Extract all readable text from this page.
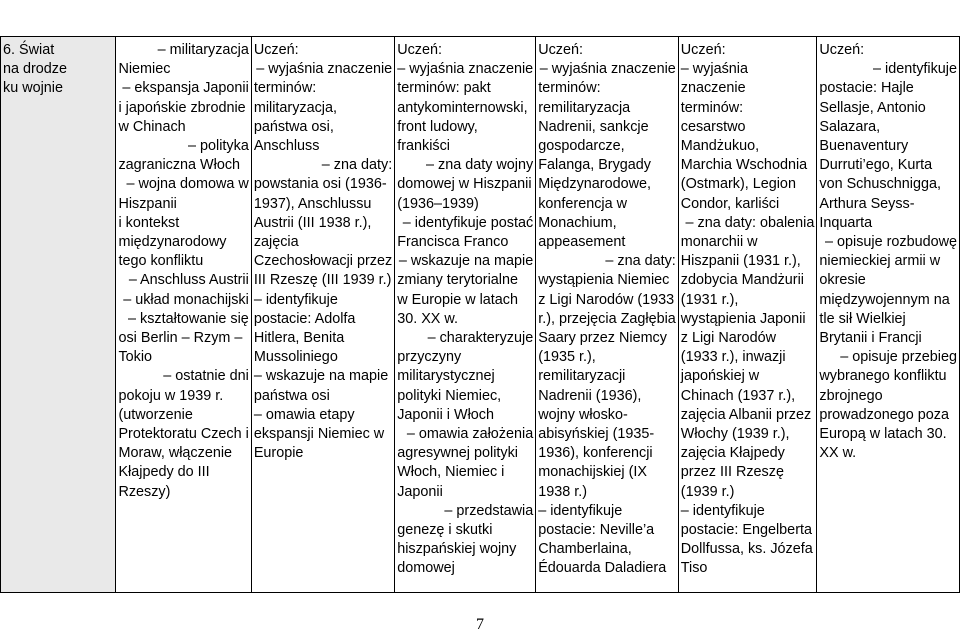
6. Świat
na drodze
ku wojnie

– militaryzacja
Niemiec
– ekspansja Japonii
i japońskie zbrodnie
w Chinach
– polityka
zagraniczna Włoch
– wojna domowa w
Hiszpanii
i kontekst
międzynarodowy
tego konfliktu
– Anschluss Austrii
– układ monachijski
– kształtowanie się
osi Berlin – Rzym –
Tokio
– ostatnie dni
pokoju w 1939 r.
(utworzenie
Protektoratu Czech i
Moraw, włączenie
Kłajpedy do III
Rzeszy)

Uczeń:
– wyjaśnia znaczenie
terminów:
militaryzacja,
państwa osi,
Anschluss
– zna daty:
powstania osi (1936-
1937), Anschlussu
Austrii (III 1938 r.),
zajęcia
Czechosłowacji przez
III Rzeszę (III 1939 r.)
– identyfikuje
postacie: Adolfa
Hitlera, Benita
Mussoliniego
– wskazuje na mapie
państwa osi
– omawia etapy
ekspansji Niemiec w
Europie

Uczeń:
– wyjaśnia znaczenie
terminów: pakt
antykominternowski,
front ludowy,
frankiści
– zna daty wojny
domowej w Hiszpanii
(1936–1939)
– identyfikuje postać
Francisca Franco
– wskazuje na mapie
zmiany terytorialne
w Europie w latach
30. XX w.
– charakteryzuje
przyczyny
militarystycznej
polityki Niemiec,
Japonii i Włoch
– omawia założenia
agresywnej polityki
Włoch, Niemiec i
Japonii
– przedstawia
genezę i skutki
hiszpańskiej wojny
domowej

Uczeń:
– wyjaśnia znaczenie
terminów:
remilitaryzacja
Nadrenii, sankcje
gospodarcze,
Falanga, Brygady
Międzynarodowe,
konferencja w
Monachium,
appeasement
– zna daty:
wystąpienia Niemiec
z Ligi Narodów (1933
r.), przejęcia Zagłębia
Saary przez Niemcy
(1935 r.),
remilitaryzacji
Nadrenii (1936),
wojny włosko-
abisyńskiej (1935-
1936), konferencji
monachijskiej (IX
1938 r.)
– identyfikuje
postacie: Neville’a
Chamberlaina,
Édouarda Daladiera

Uczeń:
– wyjaśnia
znaczenie
terminów:
cesarstwo
Mandżukuo,
Marchia Wschodnia
(Ostmark), Legion
Condor, karliści
– zna daty: obalenia
monarchii w
Hiszpanii (1931 r.),
zdobycia Mandżurii
(1931 r.),
wystąpienia Japonii
z Ligi Narodów
(1933 r.), inwazji
japońskiej w
Chinach (1937 r.),
zajęcia Albanii przez
Włochy (1939 r.),
zajęcia Kłajpedy
przez III Rzeszę
(1939 r.)
– identyfikuje
postacie: Engelberta
Dollfussa, ks. Józefa
Tiso

Uczeń:
– identyfikuje
postacie: Hajle
Sellasje, Antonio
Salazara,
Buenaventury
Durruti’ego, Kurta
von Schuschnigga,
Arthura Seyss-
Inquarta
– opisuje rozbudowę
niemieckiej armii w
okresie
międzywojennym na
tle sił Wielkiej
Brytanii i Francji
– opisuje przebieg
wybranego konfliktu
zbrojnego
prowadzonego poza
Europą w latach 30.
XX w.
7
